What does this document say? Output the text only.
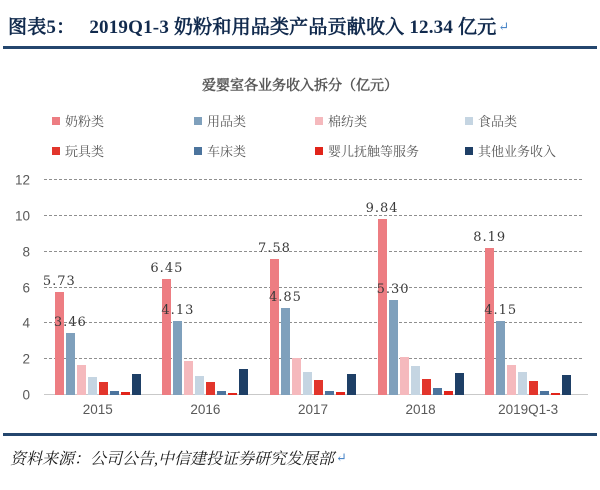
图表5： 2019Q1-3 奶粉和用品类产品贡献收入 12.34 亿元 ↵
爱婴室各业务收入拆分（亿元）
奶粉类	用品类	棉纺类	食品类
玩具类	车床类	婴儿抚触等服务	其他业务收入
0
2
4
6
8
10
12
5.73
3.46
6.45
4.13
7.58
4.85
9.84
5.30
8.19
4.15
2015	2016	2017	2018	2019Q1-3
资料来源：公司公告,中信建投证券研究发展部 ↵
